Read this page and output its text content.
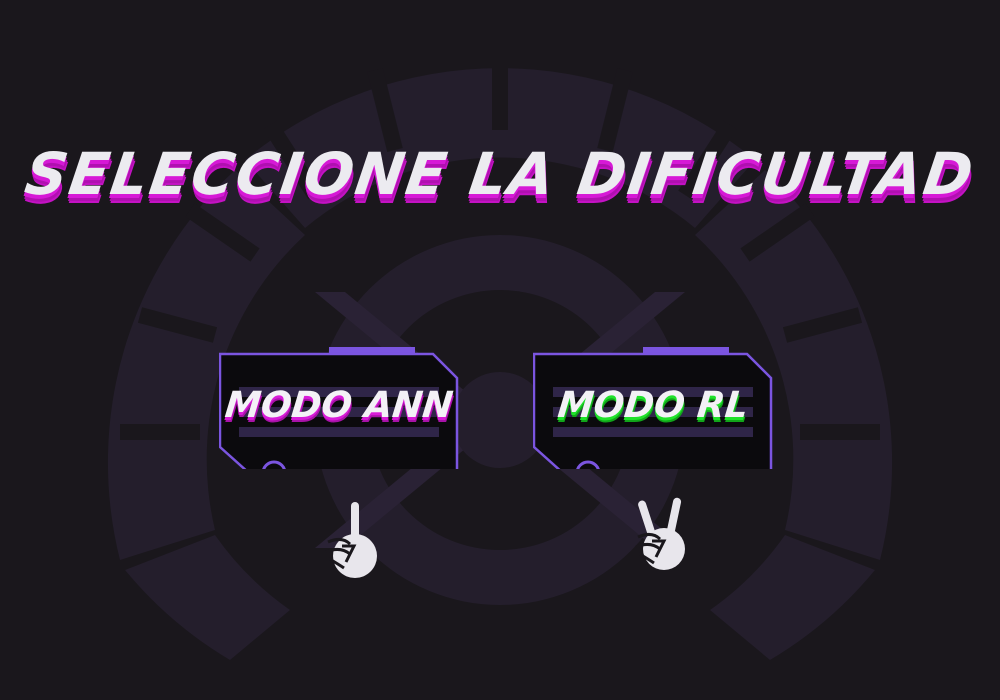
SELECCIONE LA DIFICULTAD
MODO ANN	MODO RL
